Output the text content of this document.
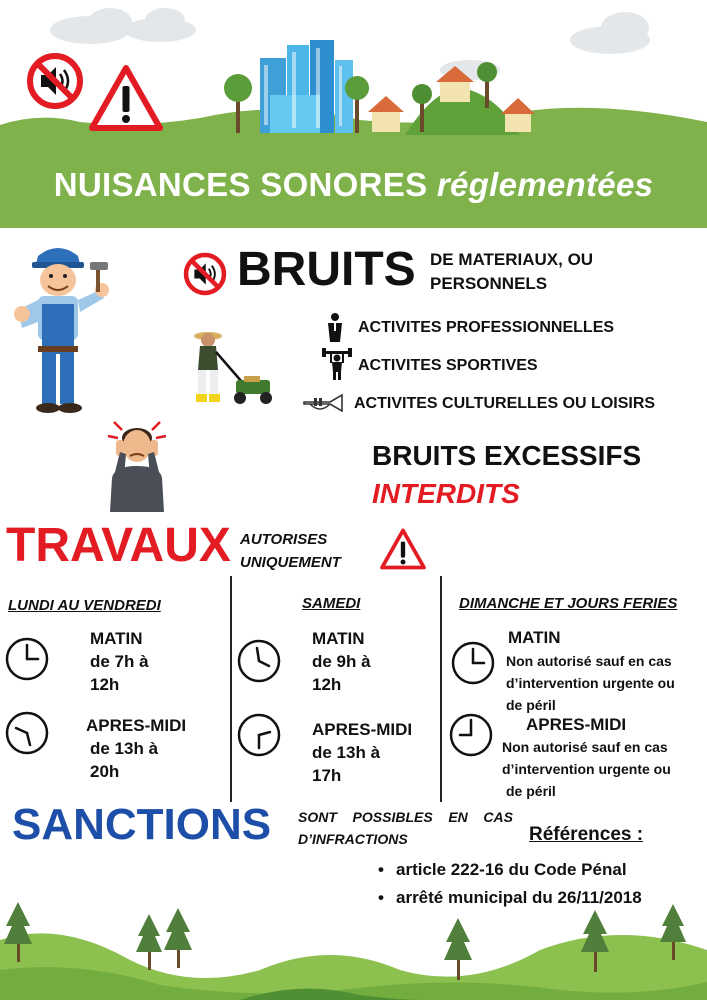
NUISANCES SONORES réglementées
BRUITS DE MATERIAUX, OU
PERSONNELS
ACTIVITES PROFESSIONNELLES
ACTIVITES SPORTIVES
ACTIVITES CULTURELLES OU LOISIRS
BRUITS EXCESSIFS
INTERDITS
TRAVAUX AUTORISES
UNIQUEMENT
LUNDI AU VENDREDI
MATIN
de 7h à
12h
APRES-MIDI
de 13h à
20h
SAMEDI
MATIN
de 9h à
12h
APRES-MIDI
de 13h à
17h
DIMANCHE ET JOURS FERIES
MATIN
Non autorisé sauf en cas
d’intervention urgente ou
de péril
APRES-MIDI
Non autorisé sauf en cas
d’intervention urgente ou
de péril
SANCTIONS SONT POSSIBLES EN CAS
D’INFRACTIONS	Références :
• article 222-16 du Code Pénal
• arrêté municipal du 26/11/2018
